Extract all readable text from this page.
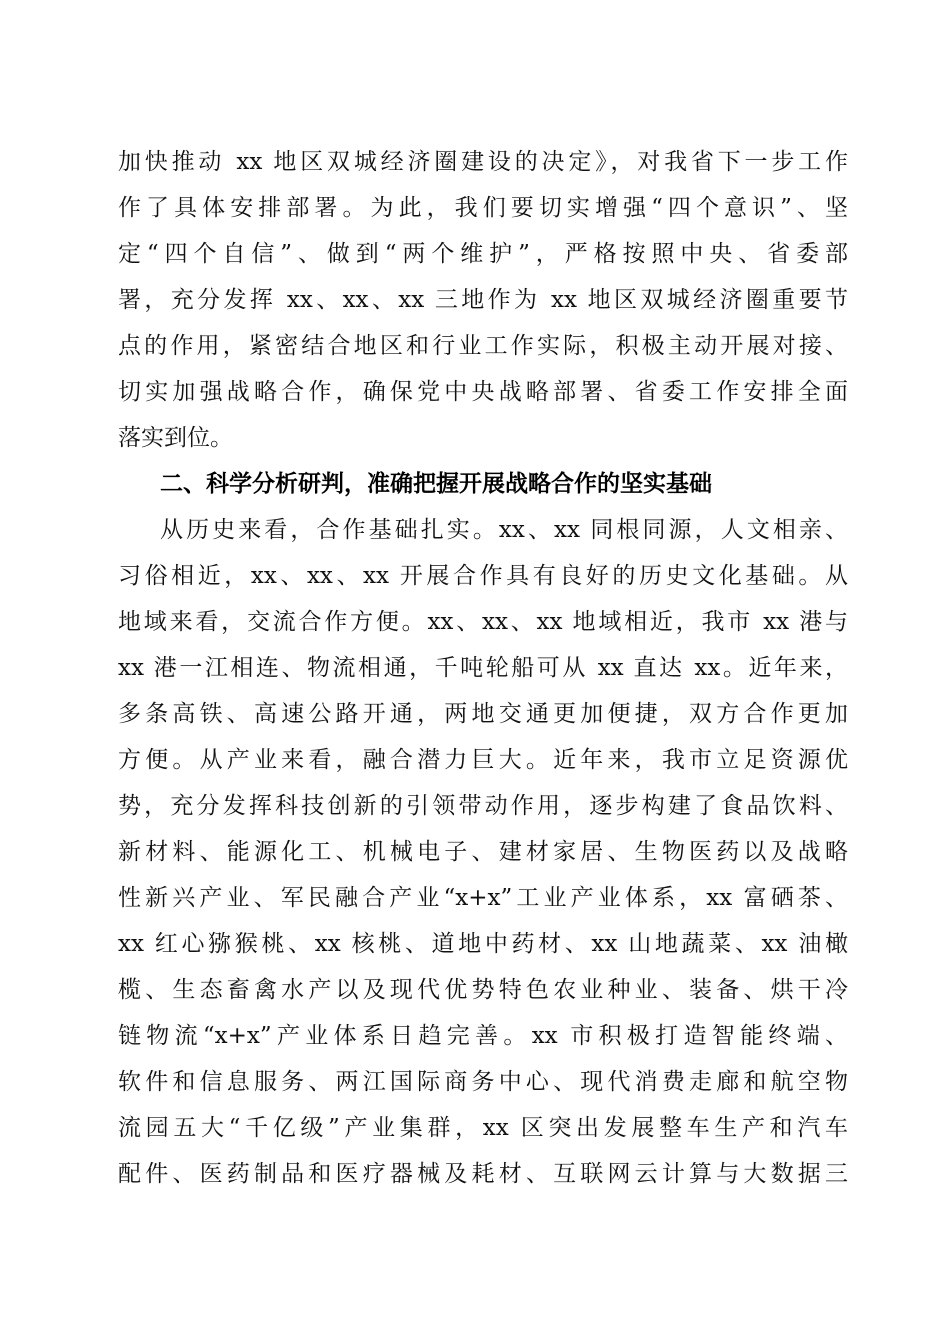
加快推动 xx 地区双城经济圈建设的决定》，对我省下一步工作
作了具体安排部署。为此，我们要切实增强“四个意识”、坚
定“四个自信”、做到“两个维护”，严格按照中央、省委部
署，充分发挥 xx、xx、xx 三地作为 xx 地区双城经济圈重要节
点的作用，紧密结合地区和行业工作实际，积极主动开展对接、
切实加强战略合作，确保党中央战略部署、省委工作安排全面
落实到位。
二、科学分析研判，准确把握开展战略合作的坚实基础
从历史来看，合作基础扎实。xx、xx 同根同源，人文相亲、
习俗相近，xx、xx、xx 开展合作具有良好的历史文化基础。从
地域来看，交流合作方便。xx、xx、xx 地域相近，我市 xx 港与
xx 港一江相连、物流相通，千吨轮船可从 xx 直达 xx。近年来，
多条高铁、高速公路开通，两地交通更加便捷，双方合作更加
方便。从产业来看，融合潜力巨大。近年来，我市立足资源优
势，充分发挥科技创新的引领带动作用，逐步构建了食品饮料、
新材料、能源化工、机械电子、建材家居、生物医药以及战略
性新兴产业、军民融合产业“x+x”工业产业体系，xx 富硒茶、
xx 红心猕猴桃、xx 核桃、道地中药材、xx 山地蔬菜、xx 油橄
榄、生态畜禽水产以及现代优势特色农业种业、装备、烘干冷
链物流“x+x”产业体系日趋完善。xx 市积极打造智能终端、
软件和信息服务、两江国际商务中心、现代消费走廊和航空物
流园五大“千亿级”产业集群，xx 区突出发展整车生产和汽车
配件、医药制品和医疗器械及耗材、互联网云计算与大数据三
